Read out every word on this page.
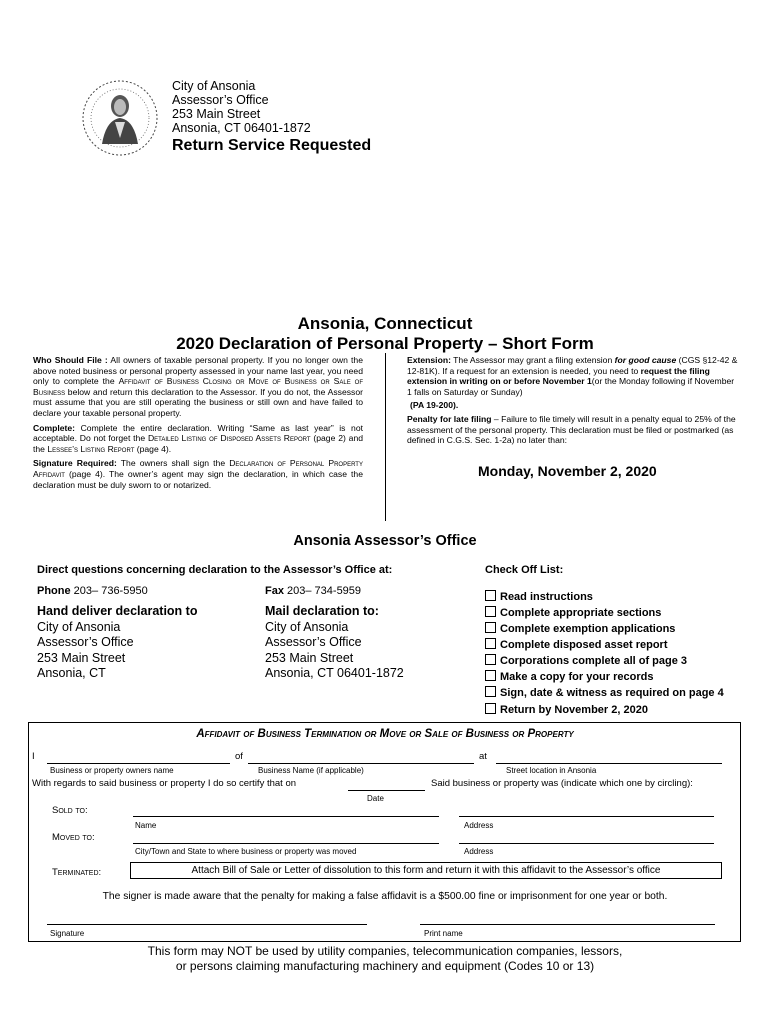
City of Ansonia
Assessor’s Office
253 Main Street
Ansonia, CT 06401-1872
Return Service Requested
Ansonia, Connecticut
2020 Declaration of Personal Property – Short Form

Who Should File : All owners of taxable personal property. If you no longer own the above noted business or personal property assessed in your name last year, you need only to complete the Affidavit of Business Closing or Move of Business or Sale of Business below and return this declaration to the Assessor. If you do not, the Assessor must assume that you are still operating the business or still own and have failed to declare your taxable personal property.

Complete: Complete the entire declaration. Writing “Same as last year” is not acceptable. Do not forget the Detailed Listing of Disposed Assets Report (page 2) and the Lessee’s Listing Report (page 4).

Signature Required: The owners shall sign the Declaration of Personal Property Affidavit (page 4). The owner’s agent may sign the declaration, in which case the declaration must be duly sworn to or notarized.

Extension: The Assessor may grant a filing extension for good cause (CGS §12-42 & 12-81K). If a request for an extension is needed, you need to request the filing extension in writing on or before November 1(or the Monday following if November 1 falls on Saturday or Sunday)

(PA 19-200).

Penalty for late filing – Failure to file timely will result in a penalty equal to 25% of the assessment of the personal property. This declaration must be filed or postmarked (as defined in C.G.S. Sec. 1-2a) no later than:

Monday, November 2, 2020
Ansonia Assessor’s Office
Direct questions concerning declaration to the Assessor’s Office at:
Phone 203– 736-5950	Fax 203– 734-5959
Hand deliver declaration to
City of Ansonia
Assessor’s Office
253 Main Street
Ansonia, CT
Mail declaration to:
City of Ansonia
Assessor’s Office
253 Main Street
Ansonia, CT 06401-1872
Check Off List:
Read instructions
Complete appropriate sections
Complete exemption applications
Complete disposed asset report
Corporations complete all of page 3
Make a copy for your records
Sign, date & witness as required on page 4
Return by November 2, 2020
Affidavit of Business Termination or Move or Sale of Business or Property
I	of	at
Business or property owners name	Business Name (if applicable)	Street location in Ansonia
With regards to said business or property I do so certify that on	Said business or property was (indicate which one by circling):
Date
Sold to:
Name	Address
Moved to:
City/Town and State to where business or property was moved	Address
Terminated:	Attach Bill of Sale or Letter of dissolution to this form and return it with this affidavit to the Assessor’s office
The signer is made aware that the penalty for making a false affidavit is a $500.00 fine or imprisonment for one year or both.
Signature	Print name
This form may NOT be used by utility companies, telecommunication companies, lessors,
or persons claiming manufacturing machinery and equipment (Codes 10 or 13)
